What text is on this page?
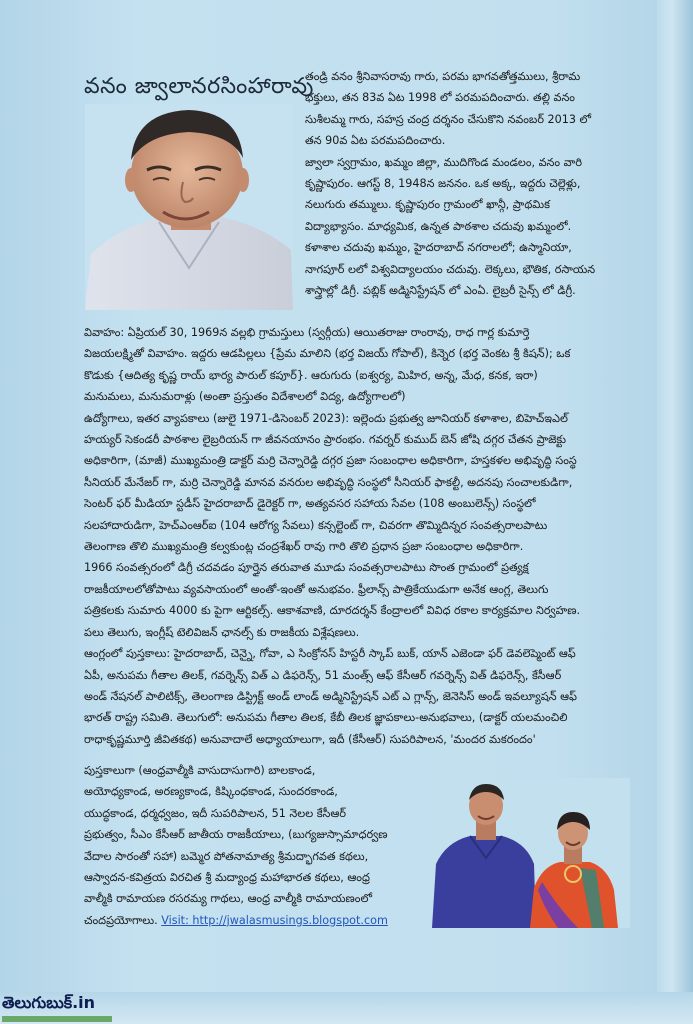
వనం జ్వాలానరసింహారావు
తండ్రి వనం శ్రీనివాసరావు గారు, పరమ భాగవతోత్తములు, శ్రీరామ
భక్తులు, తన 83వ ఏట 1998 లో పరమపదించారు. తల్లి వనం
సుశీలమ్మ గారు, సహస్ర చంద్ర దర్శనం చేసుకొని నవంబర్ 2013 లో
తన 90వ ఏట పరమపదించారు.
జ్వాలా స్వగ్రామం, ఖమ్మం జిల్లా, ముదిగొండ మండలం, వనం వారి
కృష్ణాపురం. ఆగస్ట్ 8, 1948న జననం. ఒక అక్క, ఇద్దరు చెల్లెళ్లు,
నలుగురు తమ్ములు. కృష్ణాపురం గ్రామంలో ఖాన్గీ, ప్రాథమిక
విద్యాభ్యాసం. మాధ్యమిక, ఉన్నత పాఠశాల చదువు ఖమ్మంలో.
కళాశాల చదువు ఖమ్మం, హైదరాబాద్ నగరాలలో; ఉస్మానియా,
నాగపూర్ లలో విశ్వవిద్యాలయం చదువు. లెక్కలు, భౌతిక, రసాయన
శాస్త్రాల్లో డిగ్రీ. పబ్లిక్ అడ్మినిస్ట్రేషన్ లో ఎంఏ. లైబ్రరీ సైన్స్ లో డిగ్రీ.
వివాహం: ఏప్రియల్ 30, 1969న వల్లభి గ్రామస్తులు (స్వర్గీయ) ఆయితరాజు రాంరావు, రాధ గార్ల కుమార్తె
విజయలక్ష్మితో వివాహం. ఇద్దరు ఆడపిల్లలు {ప్రేమ మాలిని (భర్త విజయ్ గోపాల్), కిన్నెర (భర్త వెంకట శ్రీ కిషన్); ఒక
కొడుకు {ఆదిత్య కృష్ణ రాయ్ భార్య పారుల్ కపూర్}. ఆరుగురు (ఐశ్వర్య, మిహిర, అన్న, మేధ, కనక, ఇరా)
మనుమలు, మనుమరాళ్లు (అంతా ప్రస్తుతం విదేశాలలో విద్య, ఉద్యోగాలలో)
ఉద్యోగాలు, ఇతర వ్యాపకాలు (జులై 1971-డిసెంబర్ 2023): ఇల్లెందు ప్రభుత్వ జూనియర్ కళాశాల, బిహెచ్ఇఎల్
హయ్యర్ సెకండరీ పాఠశాల లైబ్రరియన్ గా జీవనయానం ప్రారంభం. గవర్నర్ కుముద్ బెన్ జోషి దగ్గర చేతన ప్రాజెక్టు
అధికారిగా, (మాజీ) ముఖ్యమంత్రి డాక్టర్ మర్రి చెన్నారెడ్డి దగ్గర ప్రజా సంబంధాల అధికారిగా, హస్తకళల అభివృద్ధి సంస్థ
సీనియర్ మేనేజర్ గా, మర్రి చెన్నారెడ్డి మానవ వనరుల అభివృద్ధి సంస్థలో సీనియర్ ఫాకల్టీ, అదనపు సంచాలకుడిగా,
సెంటర్ ఫర్ మీడియా స్టడీస్ హైదరాబాద్ డైరెక్టర్ గా, అత్యవసర సహాయ సేవల (108 అంబులెన్స్) సంస్థలో
సలహాదారుడిగా, హెచ్ఎంఆర్ఐ (104 ఆరోగ్య సేవలు) కన్సల్టెంట్ గా, చివరగా తొమ్మిదిన్నర సంవత్సరాలపాటు
తెలంగాణ తొలి ముఖ్యమంత్రి కల్వకుంట్ల చంద్రశేఖర్ రావు గారి తొలి ప్రధాన ప్రజా సంబంధాల అధికారిగా.
1966 సంవత్సరంలో డిగ్రీ చదవడం పూర్తైన తరువాత మూడు సంవత్సరాలపాటు సొంత గ్రామంలో ప్రత్యక్ష
రాజకీయాలలోతోపాటు వ్యవసాయంలో అంతో-ఇంతో అనుభవం. ఫ్రీలాన్స్ పాత్రికేయుడుగా అనేక ఆంగ్ల, తెలుగు
పత్రికలకు సుమారు 4000 కు పైగా ఆర్టికల్స్. ఆకాశవాణి, దూరదర్శన్ కేంద్రాలలో వివిధ రకాల కార్యక్రమాల నిర్వహణ.
పలు తెలుగు, ఇంగ్లీష్ టెలివిజన్ ఛానల్స్ కు రాజకీయ విశ్లేషణలు.
ఆంగ్లంలో పుస్తకాలు: హైదరాబాద్, చెన్నై, గోవా, ఎ సింక్రోనస్ హిస్టరీ స్కాప్ బుక్, యాన్ ఎజెండా ఫర్ డెవలెప్మెంట్ ఆఫ్
ఏపీ, అనుపమ గీతాల తిలక్, గవర్నెన్స్ విత్ ఎ డిఫరెన్స్, 51 మంత్స్ ఆఫ్ కేసీఆర్ గవర్నెన్స్ విత్ డిఫరెన్స్, కేసీఆర్
అండ్ నేషనల్ పాలిటిక్స్, తెలంగాణ డిస్ట్రిక్ట్ అండ్ లాండ్ అడ్మినిస్ట్రేషన్ ఎట్ ఎ గ్లాన్స్, జెనెసిస్ అండ్ ఇవల్యూషన్ ఆఫ్
భారత్ రాష్ట్ర సమితి. తెలుగులో: అనుపమ గీతాల తిలక, కేబీ తిలక జ్ఞాపకాలు-అనుభవాలు, (డాక్టర్ యలమంచిలి
రాధాకృష్ణమూర్తి జీవితకథ) అనువాదాలే అధ్యాయాలుగా, ఇదీ (కేసీఆర్) సుపరిపాలన, 'మందర మకరందం'
పుస్తకాలుగా (ఆంధ్రవాల్మీకి వాసుదాసుగారి) బాలకాండ,
అయోధ్యకాండ, అరణ్యకాండ, కిష్కింధకాండ, సుందరకాండ,
యుద్ధకాండ, ధర్మధ్వజం, ఇదీ సుపరిపాలన, 51 నెలల కేసీఆర్
ప్రభుత్వం, సీఎం కేసీఆర్ జాతీయ రాజకీయాలు, (బుగ్యజుస్సామాధర్వణ
వేదాల సారంతో సహా) బమ్మెర పోతనామాత్య శ్రీమద్భాగవత కథలు,
ఆస్వాదన-కవిత్రయ విరచిత శ్రీ మద్యాంధ్ర మహాభారత కథలు, ఆంధ్ర
వాల్మీకి రామాయణ రసరమ్య గాథలు, ఆంధ్ర వాల్మీకి రామాయణంలో
చందప్రయోగాలు. Visit: http://jwalasmusings.blogspot.com
తెలుగుబుక్.in
